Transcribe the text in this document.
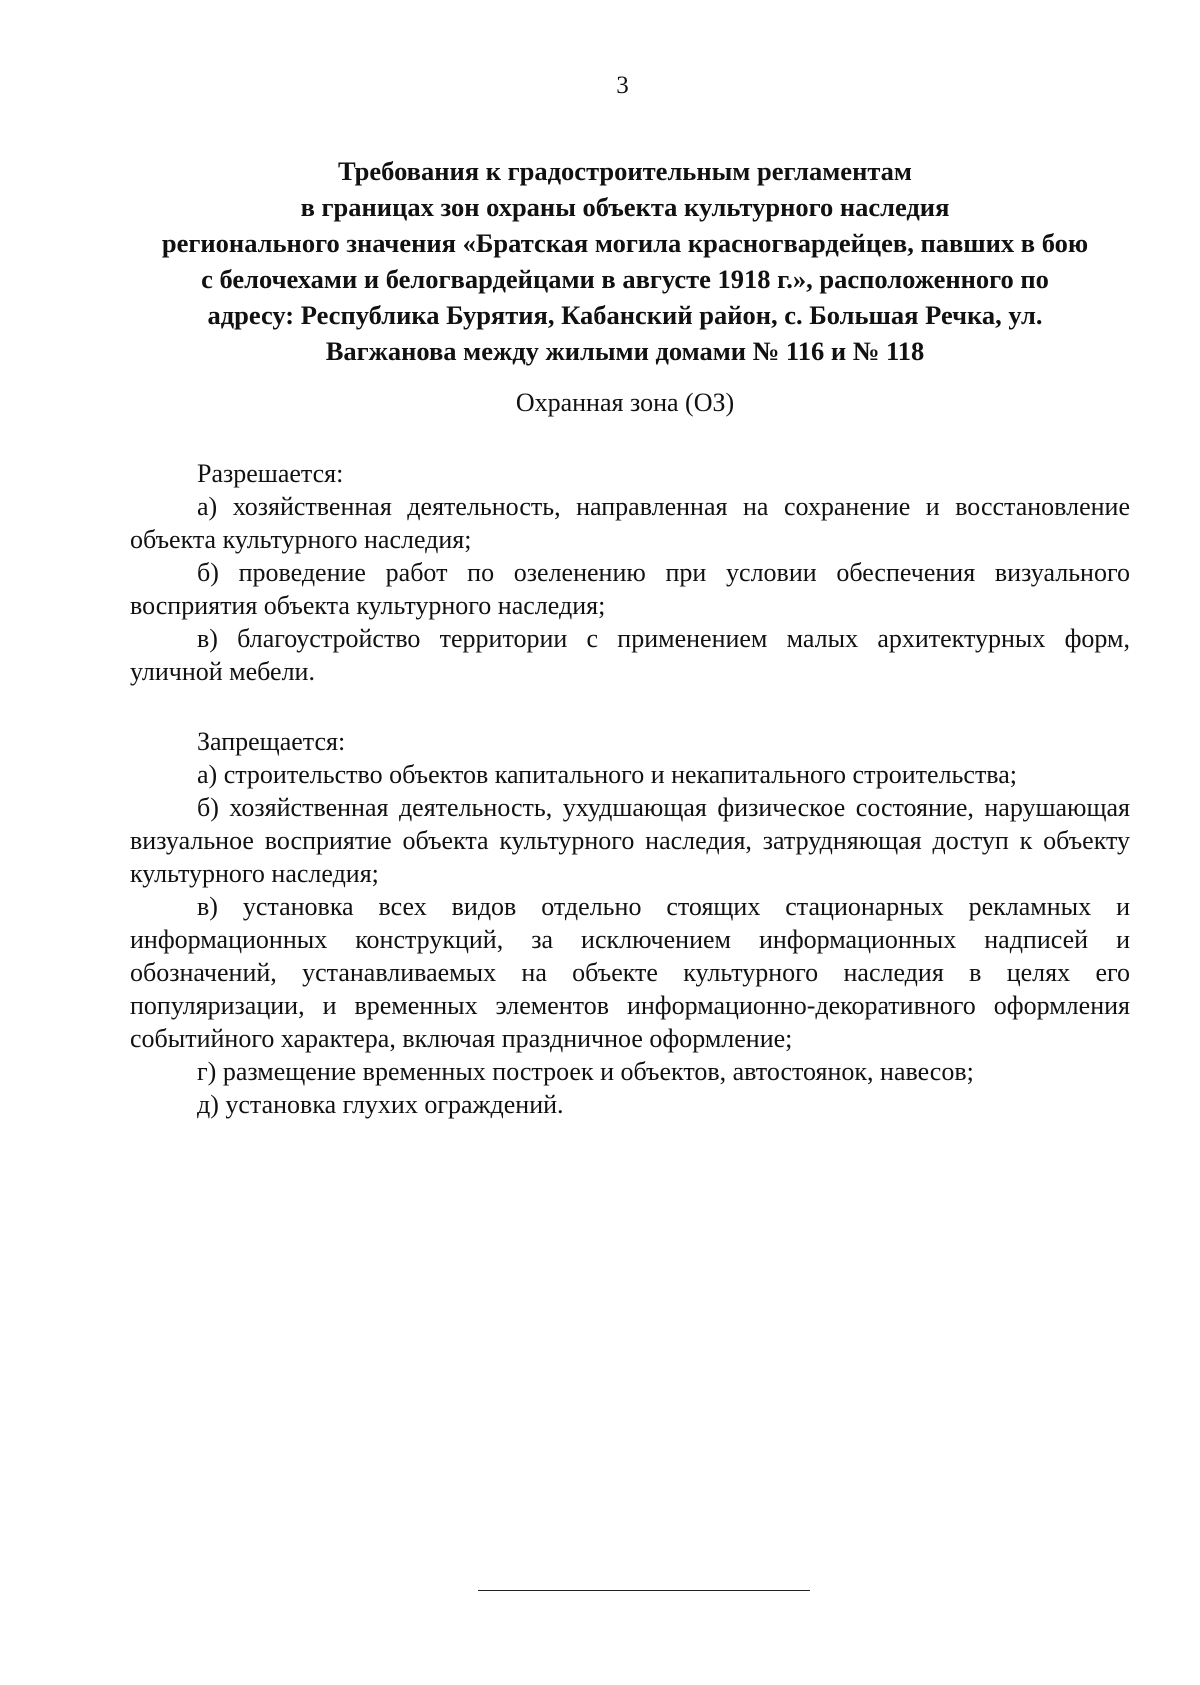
3
Требования к градостроительным регламентам
в границах зон охраны объекта культурного наследия
регионального значения «Братская могила красногвардейцев, павших в бою
с белочехами и белогвардейцами в августе 1918 г.», расположенного по
адресу: Республика Бурятия, Кабанский район, с. Большая Речка, ул.
Вагжанова между жилыми домами № 116 и № 118
Охранная зона (ОЗ)
Разрешается:

а) хозяйственная деятельность, направленная на сохранение и восстановление объекта культурного наследия;

б) проведение работ по озеленению при условии обеспечения визуального восприятия объекта культурного наследия;

в) благоустройство территории с применением малых архитектурных форм, уличной мебели.

Запрещается:

а) строительство объектов капитального и некапитального строительства;

б) хозяйственная деятельность, ухудшающая физическое состояние, нарушающая визуальное восприятие объекта культурного наследия, затрудняющая доступ к объекту культурного наследия;

в) установка всех видов отдельно стоящих стационарных рекламных и информационных конструкций, за исключением информационных надписей и обозначений, устанавливаемых на объекте культурного наследия в целях его популяризации, и временных элементов информационно-декоративного оформления событийного характера, включая праздничное оформление;

г) размещение временных построек и объектов, автостоянок, навесов;

д) установка глухих ограждений.
